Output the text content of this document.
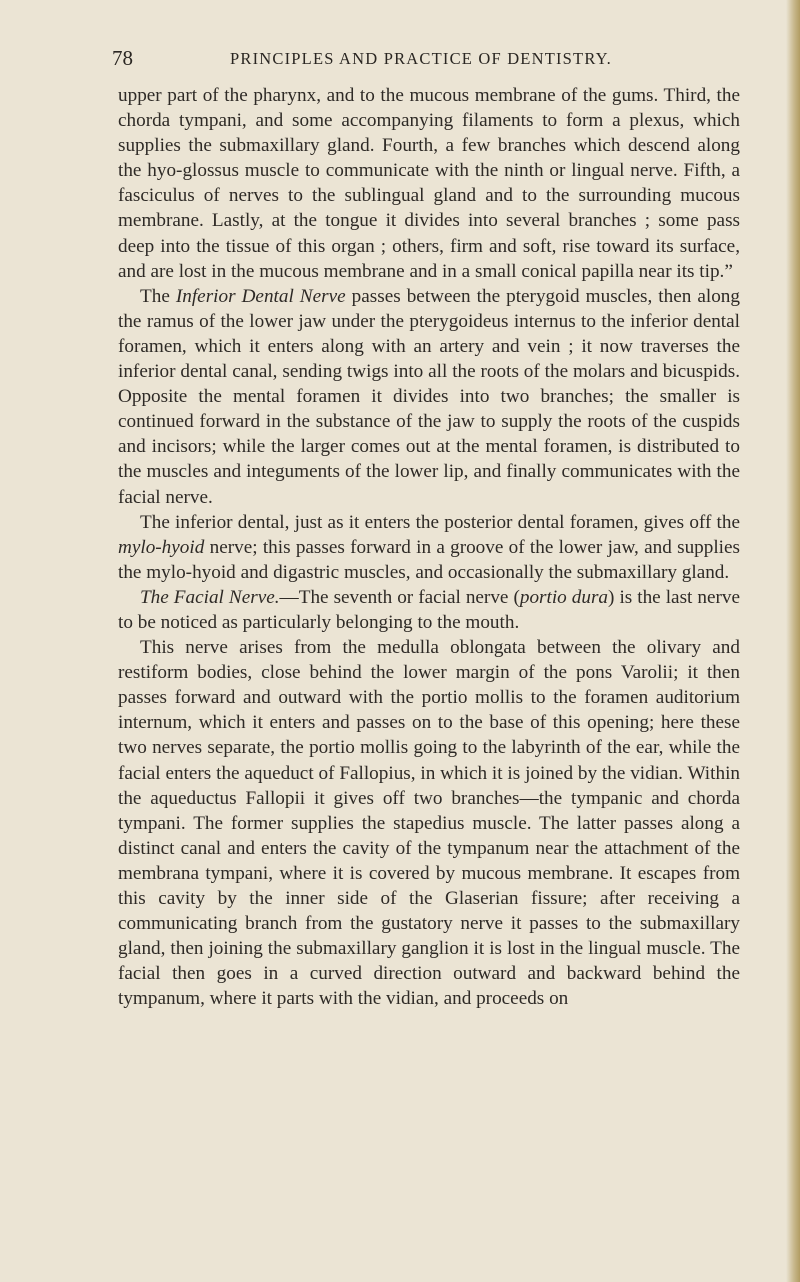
78	PRINCIPLES AND PRACTICE OF DENTISTRY.

upper part of the pharynx, and to the mucous membrane of the gums. Third, the chorda tympani, and some accompanying filaments to form a plexus, which supplies the submaxillary gland. Fourth, a few branches which descend along the hyo-glossus muscle to communicate with the ninth or lingual nerve. Fifth, a fasciculus of nerves to the sublingual gland and to the surrounding mucous membrane. Lastly, at the tongue it divides into several branches ; some pass deep into the tissue of this organ ; others, firm and soft, rise toward its surface, and are lost in the mucous membrane and in a small conical papilla near its tip.”

The Inferior Dental Nerve passes between the pterygoid muscles, then along the ramus of the lower jaw under the pterygoideus internus to the inferior dental foramen, which it enters along with an artery and vein ; it now traverses the inferior dental canal, sending twigs into all the roots of the molars and bicuspids. Opposite the mental foramen it divides into two branches; the smaller is continued forward in the substance of the jaw to supply the roots of the cuspids and incisors; while the larger comes out at the mental foramen, is distributed to the muscles and integuments of the lower lip, and finally communicates with the facial nerve.

The inferior dental, just as it enters the posterior dental foramen, gives off the mylo-hyoid nerve; this passes forward in a groove of the lower jaw, and supplies the mylo-hyoid and digastric muscles, and occasionally the submaxillary gland.

The Facial Nerve.—The seventh or facial nerve (portio dura) is the last nerve to be noticed as particularly belonging to the mouth.

This nerve arises from the medulla oblongata between the olivary and restiform bodies, close behind the lower margin of the pons Varolii; it then passes forward and outward with the portio mollis to the foramen auditorium internum, which it enters and passes on to the base of this opening; here these two nerves separate, the portio mollis going to the labyrinth of the ear, while the facial enters the aqueduct of Fallopius, in which it is joined by the vidian. Within the aqueductus Fallopii it gives off two branches—the tympanic and chorda tympani. The former supplies the stapedius muscle. The latter passes along a distinct canal and enters the cavity of the tympanum near the attachment of the membrana tympani, where it is covered by mucous membrane. It escapes from this cavity by the inner side of the Glaserian fissure; after receiving a communicating branch from the gustatory nerve it passes to the submaxillary gland, then joining the submaxillary ganglion it is lost in the lingual muscle. The facial then goes in a curved direction outward and backward behind the tympanum, where it parts with the vidian, and proceeds on
